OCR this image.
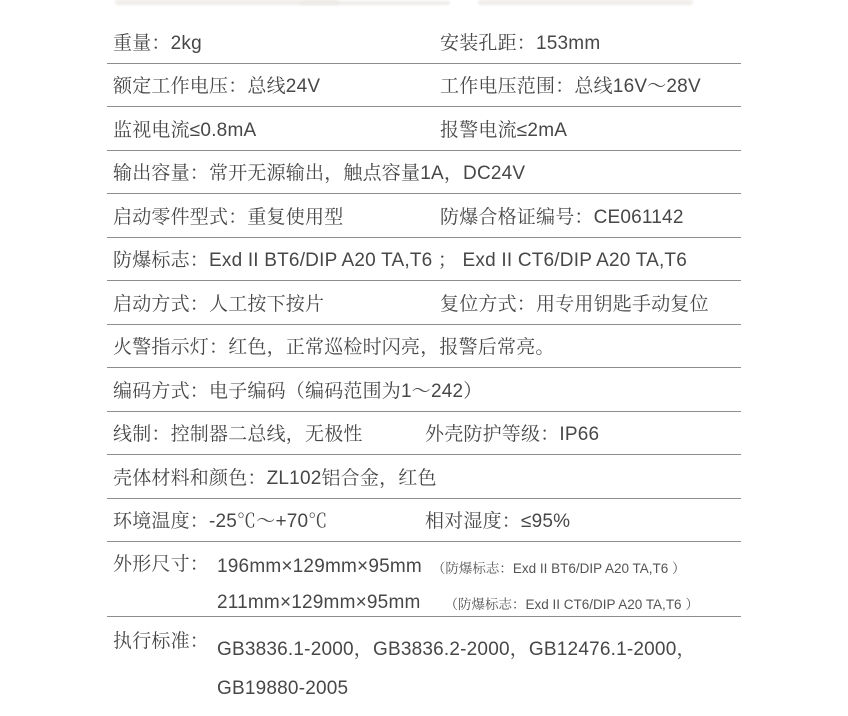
重量：2kg	安装孔距：153mm
额定工作电压：总线24V	工作电压范围：总线16V～28V
监视电流≤0.8mA	报警电流≤2mA
输出容量：常开无源输出，触点容量1A，DC24V
启动零件型式：重复使用型	防爆合格证编号：CE061142
防爆标志：Exd II BT6/DIP A20 TA,T6 ； Exd II CT6/DIP A20 TA,T6
启动方式：人工按下按片	复位方式：用专用钥匙手动复位
火警指示灯：红色，正常巡检时闪亮，报警后常亮。
编码方式：电子编码（编码范围为1～242）
线制：控制器二总线，无极性	外壳防护等级：IP66
壳体材料和颜色：ZL102铝合金，红色
环境温度：-25℃～+70℃	相对湿度：≤95%
外形尺寸： 196mm×129mm×95mm （防爆标志：Exd II BT6/DIP A20 TA,T6 ）
211mm×129mm×95mm （防爆标志：Exd II CT6/DIP A20 TA,T6 ）
执行标准： GB3836.1-2000，GB3836.2-2000，GB12476.1-2000，
GB19880-2005
